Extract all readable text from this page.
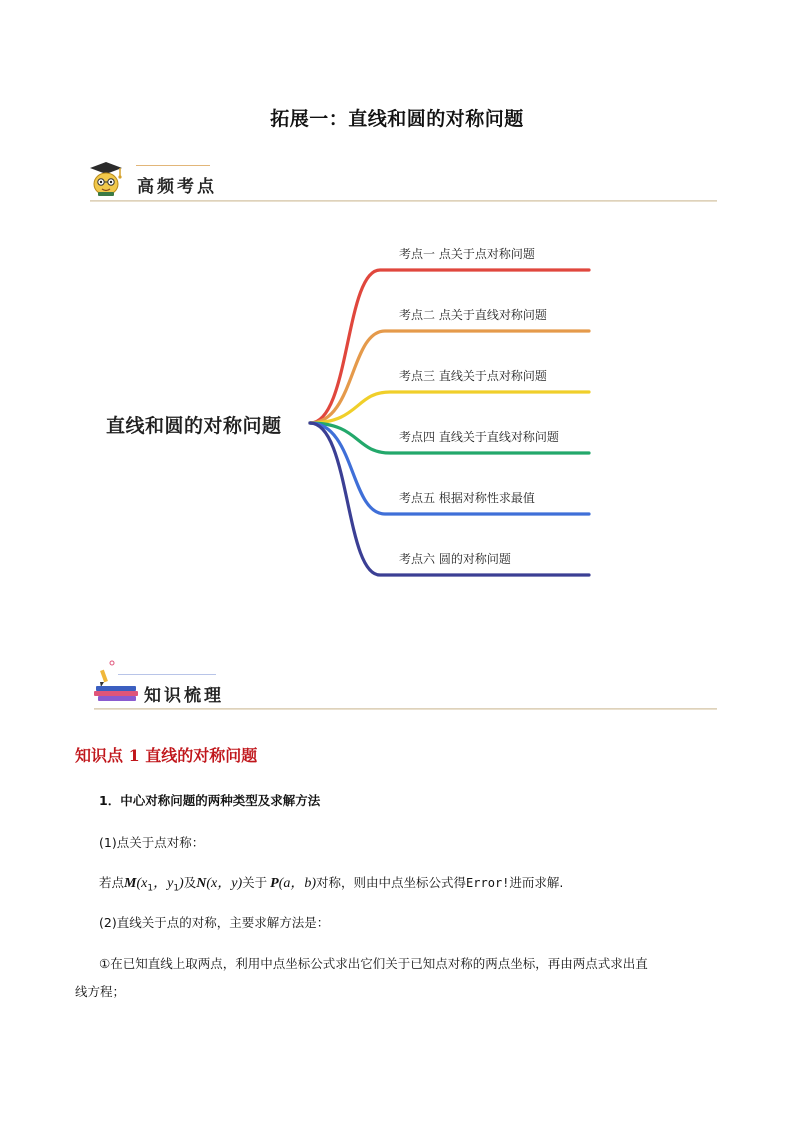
拓展一：直线和圆的对称问题
高频考点
直线和圆的对称问题
考点一 点关于点对称问题
考点二 点关于直线对称问题
考点三 直线关于点对称问题
考点四 直线关于直线对称问题
考点五 根据对称性求最值
考点六 圆的对称问题
知识梳理
知识点 1 直线的对称问题
1．中心对称问题的两种类型及求解方法
(1)点关于点对称：
若点$M(x_1$，$y_1$)及N(x，y)关于 P(a，b)对称，则由中点坐标公式得Error!进而求解.
(2)直线关于点的对称，主要求解方法是：
①在已知直线上取两点，利用中点坐标公式求出它们关于已知点对称的两点坐标，再由两点式求出直
线方程；
